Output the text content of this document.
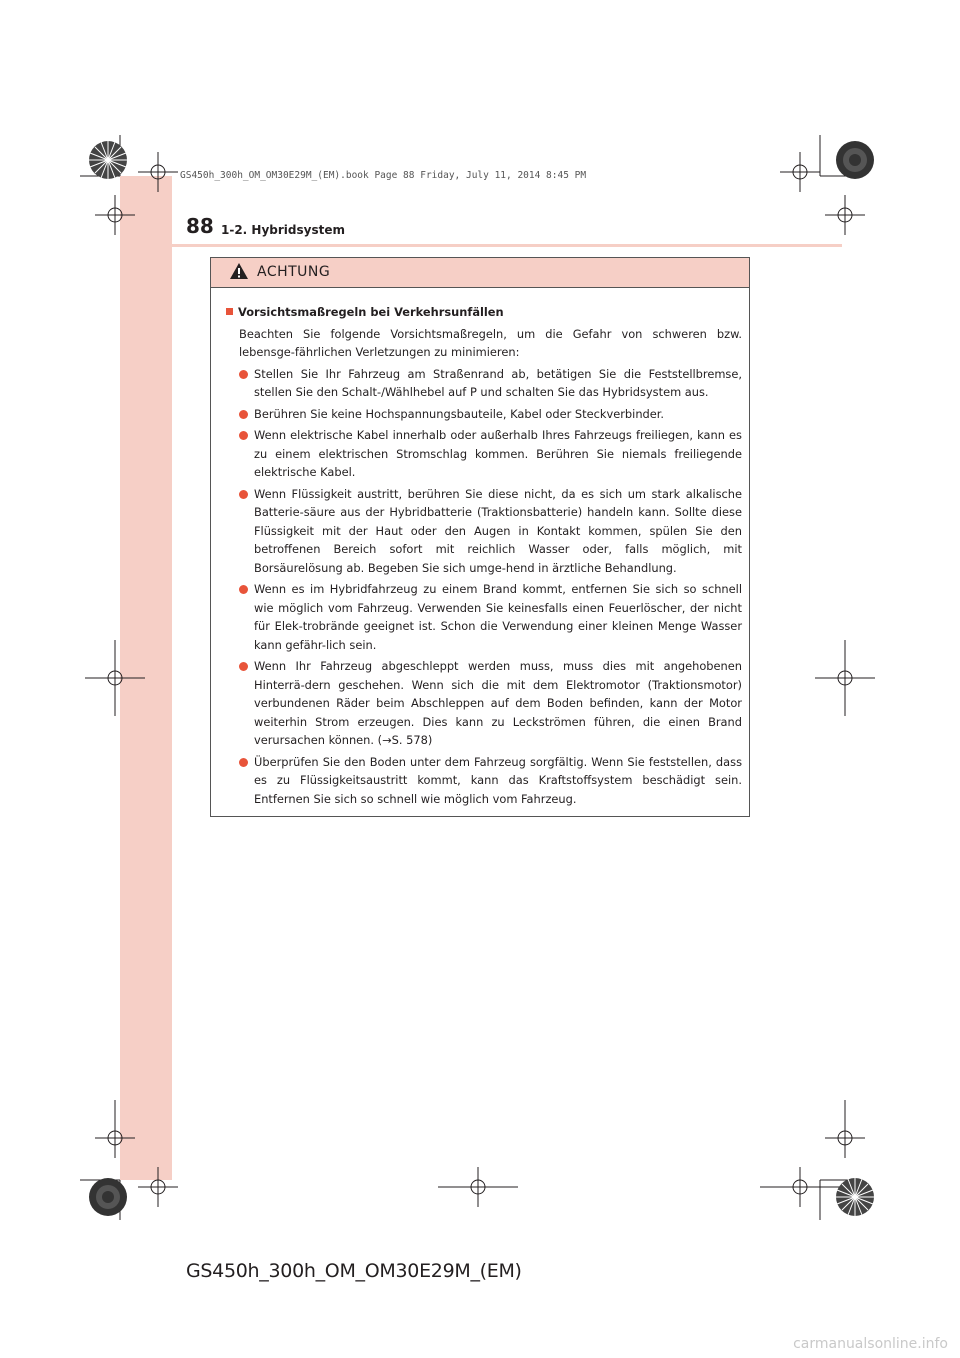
GS450h_300h_OM_OM30E29M_(EM).book Page 88 Friday, July 11, 2014 8:45 PM
88 1-2. Hybridsystem
ACHTUNG
Vorsichtsmaßregeln bei Verkehrsunfällen
Beachten Sie folgende Vorsichtsmaßregeln, um die Gefahr von schweren bzw. lebensge-fährlichen Verletzungen zu minimieren:
Stellen Sie Ihr Fahrzeug am Straßenrand ab, betätigen Sie die Feststellbremse, stellen Sie den Schalt-/Wählhebel auf P und schalten Sie das Hybridsystem aus.
Berühren Sie keine Hochspannungsbauteile, Kabel oder Steckverbinder.
Wenn elektrische Kabel innerhalb oder außerhalb Ihres Fahrzeugs freiliegen, kann es zu einem elektrischen Stromschlag kommen. Berühren Sie niemals freiliegende elektrische Kabel.
Wenn Flüssigkeit austritt, berühren Sie diese nicht, da es sich um stark alkalische Batterie-säure aus der Hybridbatterie (Traktionsbatterie) handeln kann. Sollte diese Flüssigkeit mit der Haut oder den Augen in Kontakt kommen, spülen Sie den betroffenen Bereich sofort mit reichlich Wasser oder, falls möglich, mit Borsäurelösung ab. Begeben Sie sich umge-hend in ärztliche Behandlung.
Wenn es im Hybridfahrzeug zu einem Brand kommt, entfernen Sie sich so schnell wie möglich vom Fahrzeug. Verwenden Sie keinesfalls einen Feuerlöscher, der nicht für Elek-trobrände geeignet ist. Schon die Verwendung einer kleinen Menge Wasser kann gefähr-lich sein.
Wenn Ihr Fahrzeug abgeschleppt werden muss, muss dies mit angehobenen Hinterrä-dern geschehen. Wenn sich die mit dem Elektromotor (Traktionsmotor) verbundenen Räder beim Abschleppen auf dem Boden befinden, kann der Motor weiterhin Strom erzeugen. Dies kann zu Leckströmen führen, die einen Brand verursachen können. (→S. 578)
Überprüfen Sie den Boden unter dem Fahrzeug sorgfältig. Wenn Sie feststellen, dass es zu Flüssigkeitsaustritt kommt, kann das Kraftstoffsystem beschädigt sein. Entfernen Sie sich so schnell wie möglich vom Fahrzeug.
GS450h_300h_OM_OM30E29M_(EM)
carmanualsonline.info
